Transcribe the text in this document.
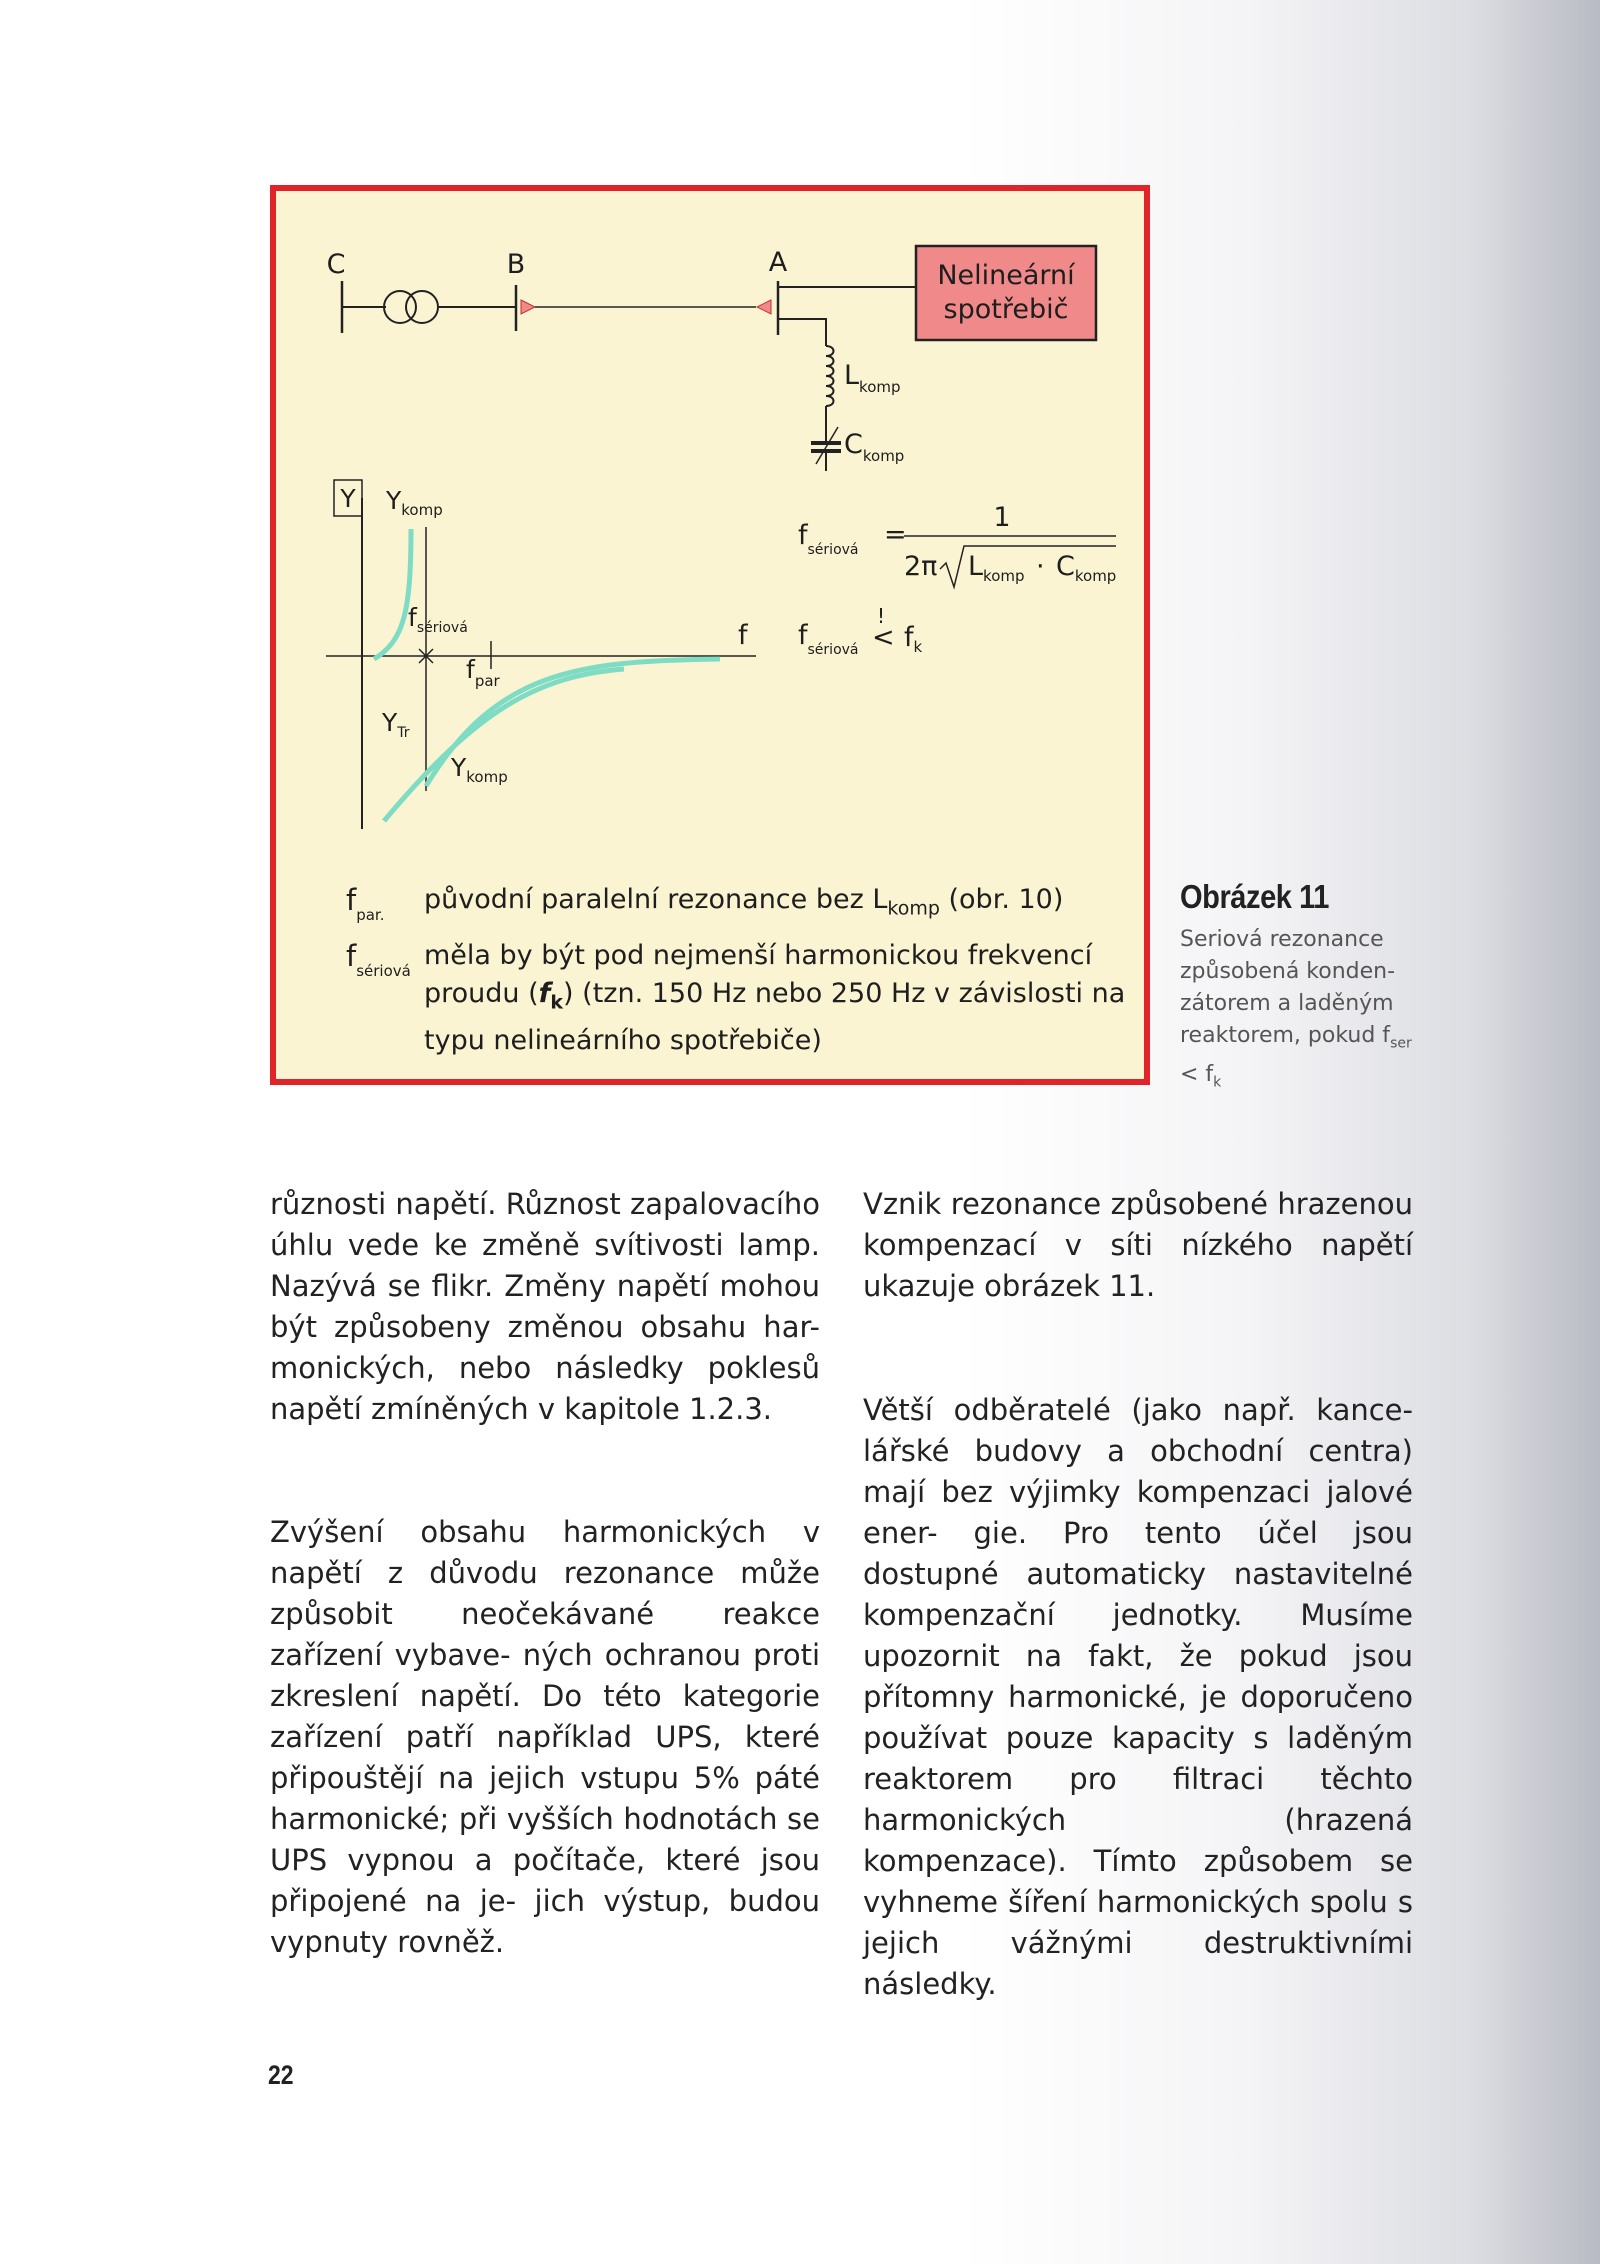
Nelineární
spotřebič
C	B	A
$L_{komp}$
$C_{komp}$
Y
f
$Y_{komp}$
$f_{sériová}$
$f_{par}$
$Y_{Tr}$
$Y_{komp}$
$f_{sériová}$ =
1
2π $L_{komp} \cdot C_{komp}$
$f_{sériová}$
!
< $f_k$
$f_{par.}$	původní paralelní rezonance bez $L_{komp}$ (obr. 10)
$f_{sériová}$ měla by být pod nejmenší harmonickou frekvencí proudu $(f_k)$ (tzn. 150 Hz nebo 250 Hz v závislosti na typu nelineárního spotřebiče)
Obrázek 11
Seriová rezonance způsobená konden- zátorem a laděným reaktorem, pokud $f_{ser} < f_k$

různosti napětí. Různost zapalovacího úhlu vede ke změně svítivosti lamp. Nazývá se flikr. Změny napětí mohou být způsobeny změnou obsahu har- monických, nebo následky poklesů napětí zmíněných v kapitole 1.2.3.

Zvýšení obsahu harmonických v napětí z důvodu rezonance může způsobit neočekávané reakce zařízení vybave- ných ochranou proti zkreslení napětí. Do této kategorie zařízení patří například UPS, které připouštějí na jejich vstupu 5% páté harmonické; při vyšších hodnotách se UPS vypnou a počítače, které jsou připojené na je- jich výstup, budou vypnuty rovněž.

Vznik rezonance způsobené hrazenou kompenzací v síti nízkého napětí ukazuje obrázek 11.

Větší odběratelé (jako např. kance- lářské budovy a obchodní centra) mají bez výjimky kompenzaci jalové ener- gie. Pro tento účel jsou dostupné automaticky nastavitelné kompenzační jednotky. Musíme upozornit na fakt, že pokud jsou přítomny harmonické, je doporučeno používat pouze kapacity s laděným reaktorem pro filtraci těchto harmonických (hrazená kompenzace). Tímto způsobem se vyhneme šíření harmonických spolu s jejich vážnými destruktivními následky.

22
